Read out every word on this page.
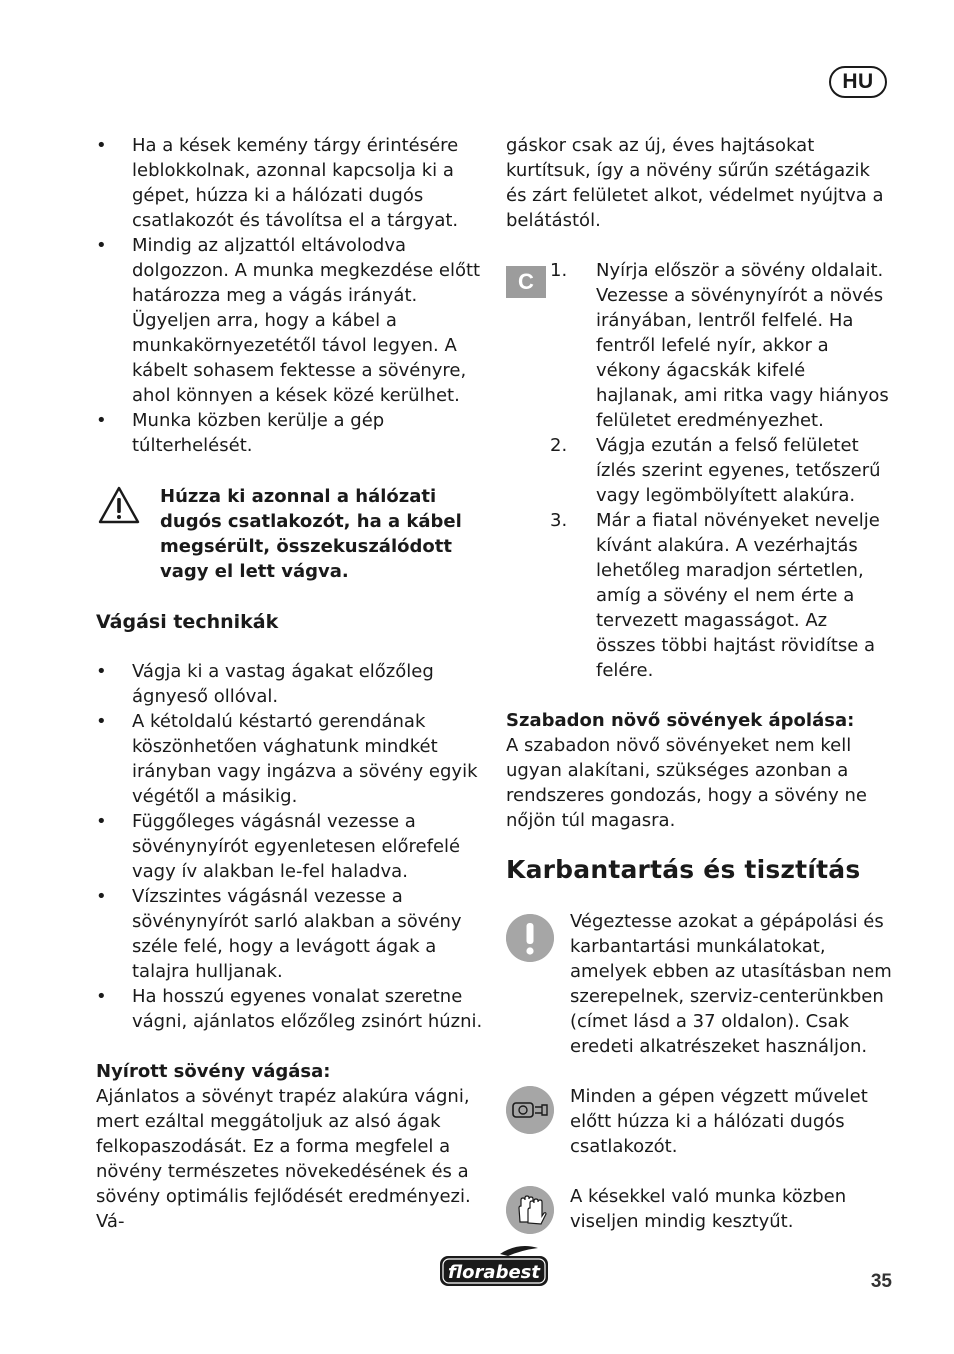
HU
• Ha a kések kemény tárgy érintésére leblokkolnak, azonnal kapcsolja ki a gépet, húzza ki a hálózati dugós csatlakozót és távolítsa el a tárgyat.
• Mindig az aljzattól eltávolodva dolgozzon. A munka megkezdése előtt határozza meg a vágás irányát. Ügyeljen arra, hogy a kábel a munkakörnyezetétől távol legyen. A kábelt sohasem fektesse a sövényre, ahol könnyen a kések közé kerülhet.
• Munka közben kerülje a gép túlterhelését.
Húzza ki azonnal a hálózati dugós csatlakozót, ha a kábel megsérült, összekuszálódott vagy el lett vágva.
Vágási technikák
• Vágja ki a vastag ágakat előzőleg ágnyeső ollóval.
• A kétoldalú késtartó gerendának köszönhetően vághatunk mindkét irányban vagy ingázva a sövény egyik végétől a másikig.
• Függőleges vágásnál vezesse a sövénynyírót egyenletesen előrefelé vagy ív alakban le-fel haladva.
• Vízszintes vágásnál vezesse a sövénynyírót sarló alakban a sövény széle felé, hogy a levágott ágak a talajra hulljanak.
• Ha hosszú egyenes vonalat szeretne vágni, ajánlatos előzőleg zsinórt húzni.
Nyírott sövény vágása:

Ajánlatos a sövényt trapéz alakúra vágni, mert ezáltal meggátoljuk az alsó ágak felkopaszodását. Ez a forma megfelel a növény természetes növekedésének és a sövény optimális fejlődését eredményezi. Vá-

gáskor csak az új, éves hajtásokat kurtítsuk, így a növény sűrűn szétágazik és zárt felületet alkot, védelmet nyújtva a belátástól.

C 1. Nyírja először a sövény oldalait. Vezesse a sövénynyírót a növés irányában, lentről felfelé. Ha fentről lefelé nyír, akkor a vékony ágacskák kifelé hajlanak, ami ritka vagy hiányos felületet eredményezhet.
2. Vágja ezután a felső felületet ízlés szerint egyenes, tetőszerű vagy legömbölyített alakúra.
3. Már a fiatal növényeket nevelje kívánt alakúra. A vezérhajtás lehetőleg maradjon sértetlen, amíg a sövény el nem érte a tervezett magasságot. Az összes többi hajtást rövidítse a felére.
Szabadon növő sövények ápolása:

A szabadon növő sövényeket nem kell ugyan alakítani, szükséges azonban a rendszeres gondozás, hogy a sövény ne nőjön túl magasra.

Karbantartás és tisztítás
Végeztesse azokat a gépápolási és karbantartási munkálatokat, amelyek ebben az utasításban nem szerepelnek, szerviz-centerünkben (címet lásd a 37 oldalon). Csak eredeti alkatrészeket használjon.
Minden a gépen végzett művelet előtt húzza ki a hálózati dugós csatlakozót.
A késekkel való munka közben viseljen mindig kesztyűt.
florabest	35
